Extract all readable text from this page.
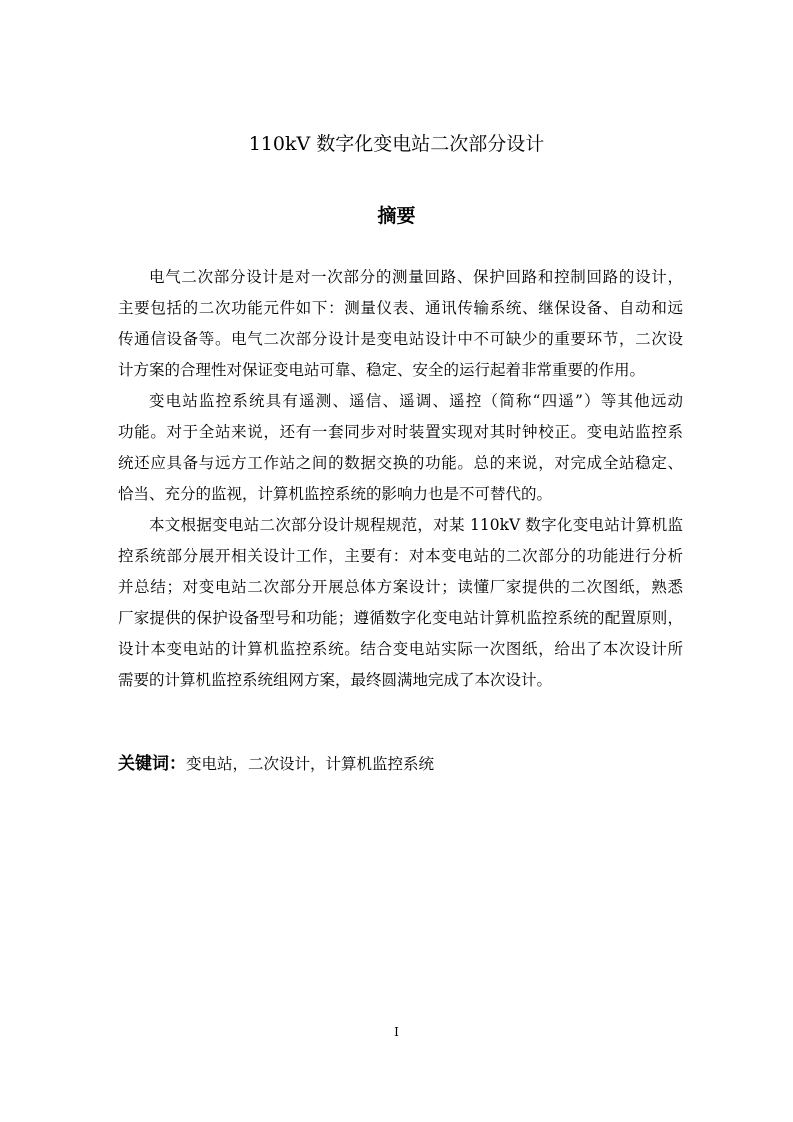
110kV 数字化变电站二次部分设计
摘要
电气二次部分设计是对一次部分的测量回路、保护回路和控制回路的设计，
主要包括的二次功能元件如下：测量仪表、通讯传输系统、继保设备、自动和远
传通信设备等。电气二次部分设计是变电站设计中不可缺少的重要环节，二次设
计方案的合理性对保证变电站可靠、稳定、安全的运行起着非常重要的作用。
变电站监控系统具有遥测、遥信、遥调、遥控（简称“四遥”）等其他远动
功能。对于全站来说，还有一套同步对时装置实现对其时钟校正。变电站监控系
统还应具备与远方工作站之间的数据交换的功能。总的来说，对完成全站稳定、
恰当、充分的监视，计算机监控系统的影响力也是不可替代的。
本文根据变电站二次部分设计规程规范，对某 110kV 数字化变电站计算机监
控系统部分展开相关设计工作，主要有：对本变电站的二次部分的功能进行分析
并总结；对变电站二次部分开展总体方案设计；读懂厂家提供的二次图纸，熟悉
厂家提供的保护设备型号和功能；遵循数字化变电站计算机监控系统的配置原则，
设计本变电站的计算机监控系统。结合变电站实际一次图纸，给出了本次设计所
需要的计算机监控系统组网方案，最终圆满地完成了本次设计。
关键词：变电站，二次设计，计算机监控系统
I
